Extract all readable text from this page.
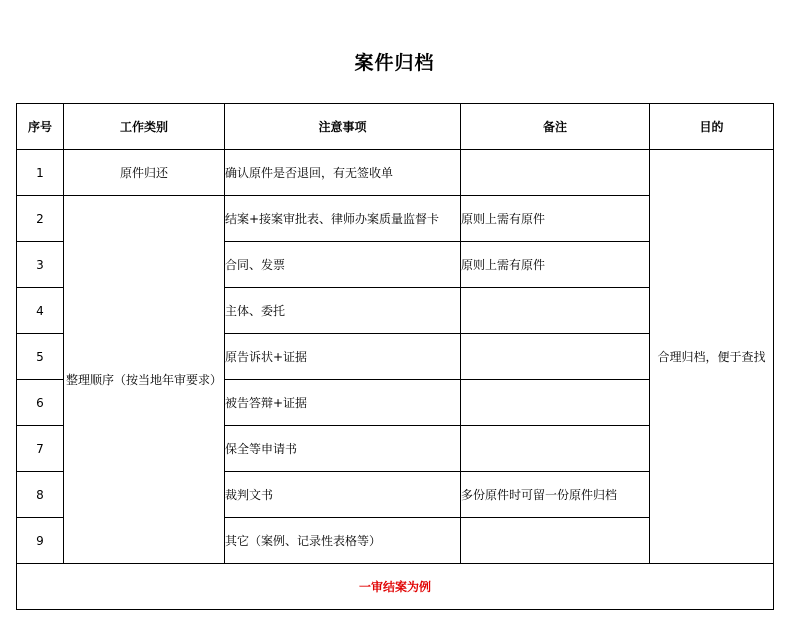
案件归档
序号	工作类别	注意事项	备注	目的
1	原件归还	确认原件是否退回，有无签收单		合理归档，便于查找
2	整理顺序（按当地年审要求）	结案+接案审批表、律师办案质量监督卡	原则上需有原件	
3		合同、发票	原则上需有原件	
4		主体、委托		
5		原告诉状+证据		
6		被告答辩+证据		
7		保全等申请书		
8		裁判文书	多份原件时可留一份原件归档	
9		其它（案例、记录性表格等）		
一审结案为例				
